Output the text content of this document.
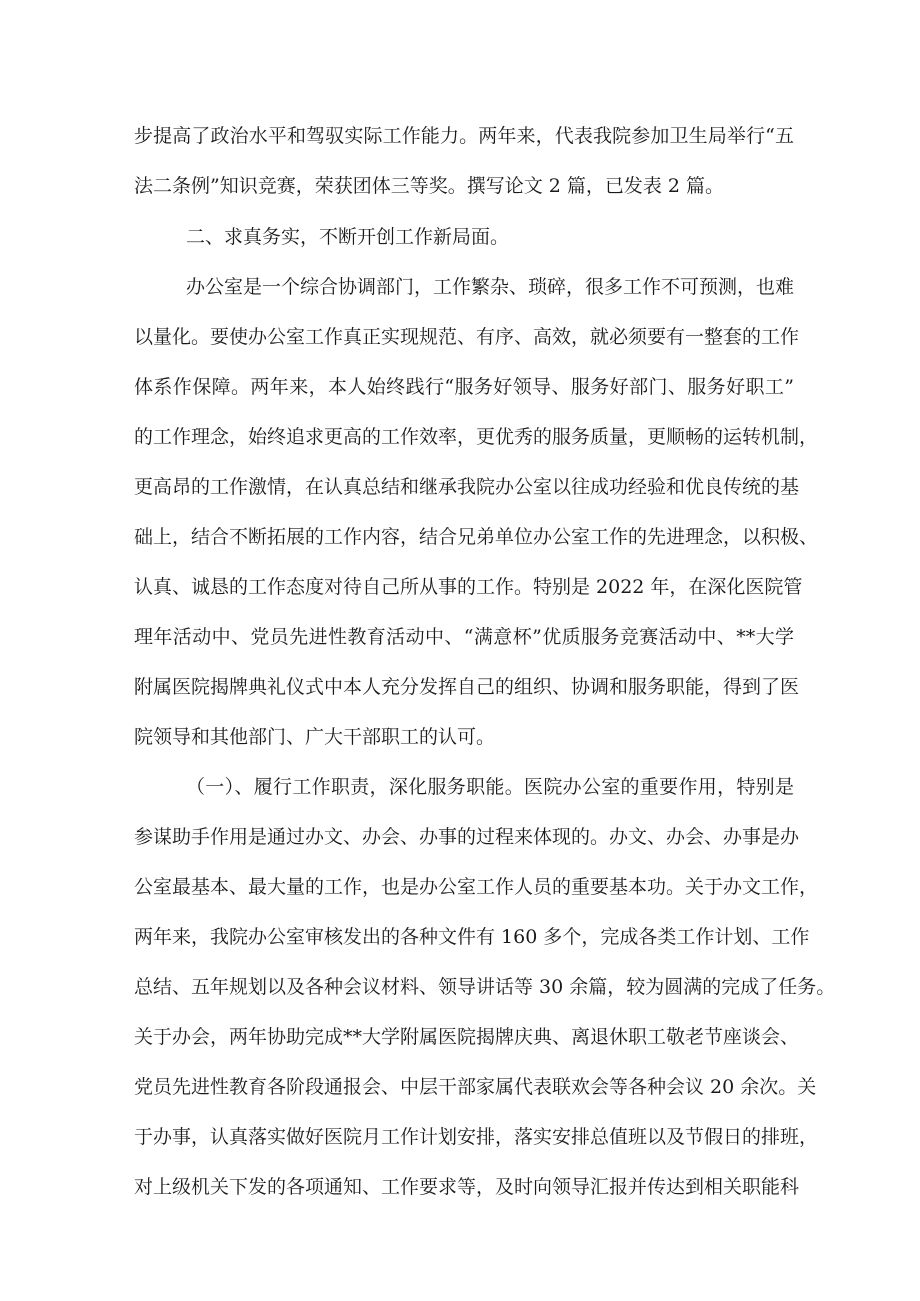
步提高了政治水平和驾驭实际工作能力。两年来，代表我院参加卫生局举行“五
法二条例”知识竞赛，荣获团体三等奖。撰写论文 2 篇，已发表 2 篇。
二、求真务实，不断开创工作新局面。
办公室是一个综合协调部门，工作繁杂、琐碎，很多工作不可预测，也难
以量化。要使办公室工作真正实现规范、有序、高效，就必须要有一整套的工作
体系作保障。两年来，本人始终践行“服务好领导、服务好部门、服务好职工”
的工作理念，始终追求更高的工作效率，更优秀的服务质量，更顺畅的运转机制，
更高昂的工作激情，在认真总结和继承我院办公室以往成功经验和优良传统的基
础上，结合不断拓展的工作内容，结合兄弟单位办公室工作的先进理念，以积极、
认真、诚恳的工作态度对待自己所从事的工作。特别是 2022 年，在深化医院管
理年活动中、党员先进性教育活动中、“满意杯”优质服务竞赛活动中、**大学
附属医院揭牌典礼仪式中本人充分发挥自己的组织、协调和服务职能，得到了医
院领导和其他部门、广大干部职工的认可。
（一）、履行工作职责，深化服务职能。医院办公室的重要作用，特别是
参谋助手作用是通过办文、办会、办事的过程来体现的。办文、办会、办事是办
公室最基本、最大量的工作，也是办公室工作人员的重要基本功。关于办文工作，
两年来，我院办公室审核发出的各种文件有 160 多个，完成各类工作计划、工作
总结、五年规划以及各种会议材料、领导讲话等 30 余篇，较为圆满的完成了任务。
关于办会，两年协助完成**大学附属医院揭牌庆典、离退休职工敬老节座谈会、
党员先进性教育各阶段通报会、中层干部家属代表联欢会等各种会议 20 余次。关
于办事，认真落实做好医院月工作计划安排，落实安排总值班以及节假日的排班，
对上级机关下发的各项通知、工作要求等，及时向领导汇报并传达到相关职能科
